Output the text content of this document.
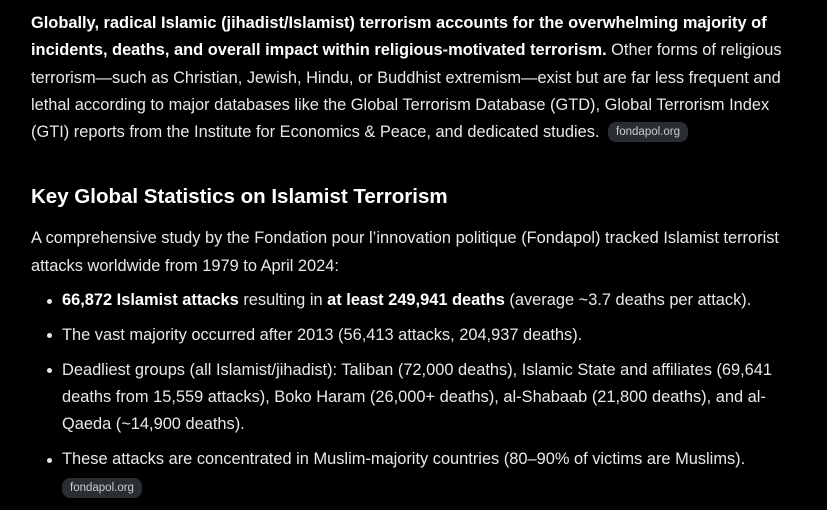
Globally, radical Islamic (jihadist/Islamist) terrorism accounts for the overwhelming majority of incidents, deaths, and overall impact within religious-motivated terrorism. Other forms of religious terrorism—such as Christian, Jewish, Hindu, or Buddhist extremism—exist but are far less frequent and lethal according to major databases like the Global Terrorism Database (GTD), Global Terrorism Index (GTI) reports from the Institute for Economics & Peace, and dedicated studies. fondapol.org

Key Global Statistics on Islamist Terrorism

A comprehensive study by the Fondation pour l’innovation politique (Fondapol) tracked Islamist terrorist attacks worldwide from 1979 to April 2024:

66,872 Islamist attacks resulting in at least 249,941 deaths (average ~3.7 deaths per attack).
The vast majority occurred after 2013 (56,413 attacks, 204,937 deaths).
Deadliest groups (all Islamist/jihadist): Taliban (72,000 deaths), Islamic State and affiliates (69,641 deaths from 15,559 attacks), Boko Haram (26,000+ deaths), al-Shabaab (21,800 deaths), and al-Qaeda (~14,900 deaths).
These attacks are concentrated in Muslim-majority countries (80–90% of victims are Muslims).
fondapol.org
